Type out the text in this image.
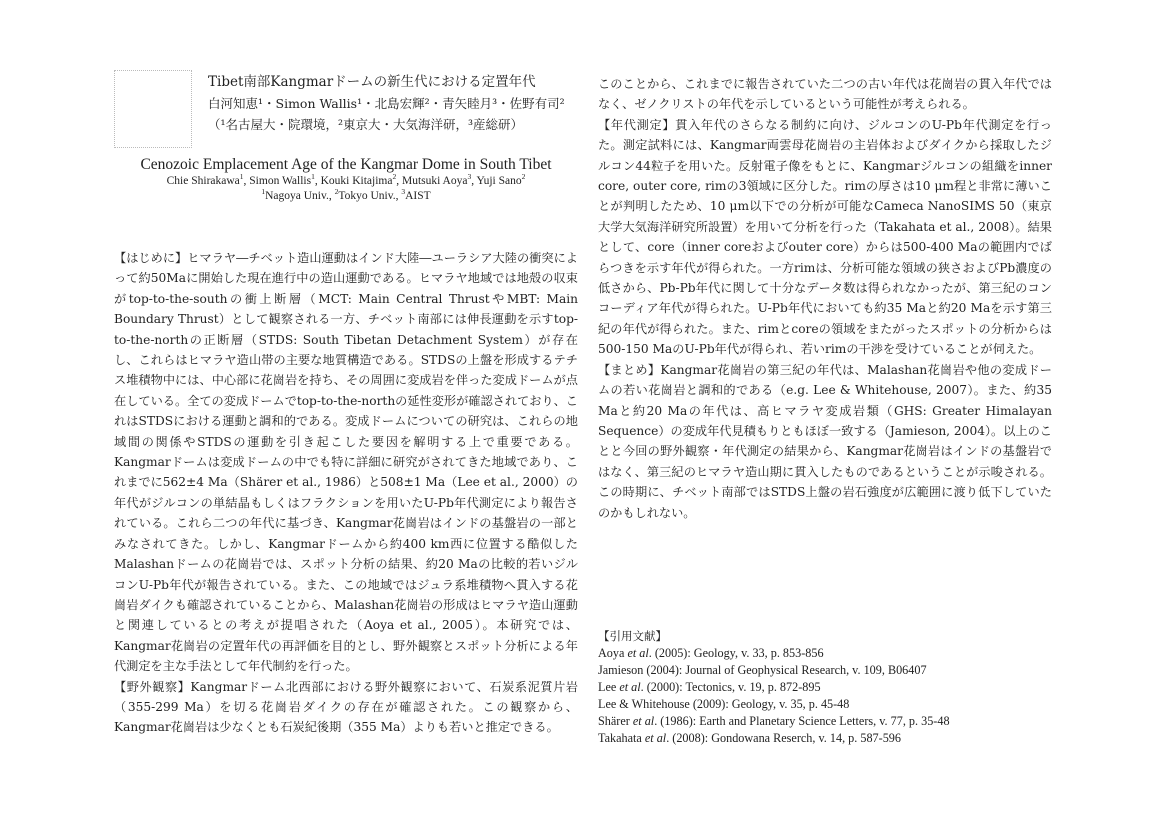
Tibet南部Kangmarドームの新生代における定置年代
白河知恵¹・Simon Wallis¹・北島宏輝²・青矢睦月³・佐野有司²
（¹名古屋大・院環境，²東京大・大気海洋研，³産総研）
Cenozoic Emplacement Age of the Kangmar Dome in South Tibet
Chie Shirakawa$^1$, Simon Wallis$^1$, Kouki Kitajima$^2$, Mutsuki Aoya$^3$, Yuji Sano$^2$
$^1$Nagoya Univ., $^2$Tokyo Univ., $^3$AIST

【はじめに】ヒマラヤ―チベット造山運動はインド大陸―ユーラシア大陸の衝突によって約50Maに開始した現在進行中の造山運動である。ヒマラヤ地域では地殻の収束がtop-to-the-southの衝上断層（MCT: Main Central ThrustやMBT: Main Boundary Thrust）として観察される一方、チベット南部には伸長運動を示すtop-to-the-northの正断層（STDS: South Tibetan Detachment System）が存在し、これらはヒマラヤ造山帯の主要な地質構造である。STDSの上盤を形成するテチス堆積物中には、中心部に花崗岩を持ち、その周囲に変成岩を伴った変成ドームが点在している。全ての変成ドームでtop-to-the-northの延性変形が確認されており、これはSTDSにおける運動と調和的である。変成ドームについての研究は、これらの地域間の関係やSTDSの運動を引き起こした要因を解明する上で重要である。Kangmarドームは変成ドームの中でも特に詳細に研究がされてきた地域であり、これまでに562±4 Ma（Shärer et al., 1986）と508±1 Ma（Lee et al., 2000）の年代がジルコンの単結晶もしくはフラクションを用いたU-Pb年代測定により報告されている。これら二つの年代に基づき、Kangmar花崗岩はインドの基盤岩の一部とみなされてきた。しかし、Kangmarドームから約400 km西に位置する酷似したMalashanドームの花崗岩では、スポット分析の結果、約20 Maの比較的若いジルコンU-Pb年代が報告されている。また、この地域ではジュラ系堆積物へ貫入する花崗岩ダイクも確認されていることから、Malashan花崗岩の形成はヒマラヤ造山運動と関連しているとの考えが提唱された（Aoya et al., 2005）。本研究では、Kangmar花崗岩の定置年代の再評価を目的とし、野外観察とスポット分析による年代測定を主な手法として年代制約を行った。

【野外観察】Kangmarドーム北西部における野外観察において、石炭系泥質片岩（355-299 Ma）を切る花崗岩ダイクの存在が確認された。この観察から、Kangmar花崗岩は少なくとも石炭紀後期（355 Ma）よりも若いと推定できる。

このことから、これまでに報告されていた二つの古い年代は花崗岩の貫入年代ではなく、ゼノクリストの年代を示しているという可能性が考えられる。

【年代測定】貫入年代のさらなる制約に向け、ジルコンのU-Pb年代測定を行った。測定試料には、Kangmar両雲母花崗岩の主岩体およびダイクから採取したジルコン44粒子を用いた。反射電子像をもとに、Kangmarジルコンの組織をinner core, outer core, rimの3領域に区分した。rimの厚さは10 μm程と非常に薄いことが判明したため、10 μm以下での分析が可能なCameca NanoSIMS 50（東京大学大気海洋研究所設置）を用いて分析を行った（Takahata et al., 2008）。結果として、core（inner coreおよびouter core）からは500-400 Maの範囲内でばらつきを示す年代が得られた。一方rimは、分析可能な領域の狭さおよびPb濃度の低さから、Pb-Pb年代に関して十分なデータ数は得られなかったが、第三紀のコンコーディア年代が得られた。U-Pb年代においても約35 Maと約20 Maを示す第三紀の年代が得られた。また、rimとcoreの領域をまたがったスポットの分析からは500-150 MaのU-Pb年代が得られ、若いrimの干渉を受けていることが伺えた。

【まとめ】Kangmar花崗岩の第三紀の年代は、Malashan花崗岩や他の変成ドームの若い花崗岩と調和的である（e.g. Lee & Whitehouse, 2007）。また、約35 Maと約20 Maの年代は、高ヒマラヤ変成岩類（GHS: Greater Himalayan Sequence）の変成年代見積もりともほぼ一致する（Jamieson, 2004）。以上のことと今回の野外観察・年代測定の結果から、Kangmar花崗岩はインドの基盤岩ではなく、第三紀のヒマラヤ造山期に貫入したものであるということが示唆される。この時期に、チベット南部ではSTDS上盤の岩石強度が広範囲に渡り低下していたのかもしれない。

【引用文献】
Aoya et al. (2005): Geology, v. 33, p. 853-856
Jamieson (2004): Journal of Geophysical Research, v. 109, B06407
Lee et al. (2000): Tectonics, v. 19, p. 872-895
Lee & Whitehouse (2009): Geology, v. 35, p. 45-48
Shärer et al. (1986): Earth and Planetary Science Letters, v. 77, p. 35-48
Takahata et al. (2008): Gondowana Reserch, v. 14, p. 587-596
